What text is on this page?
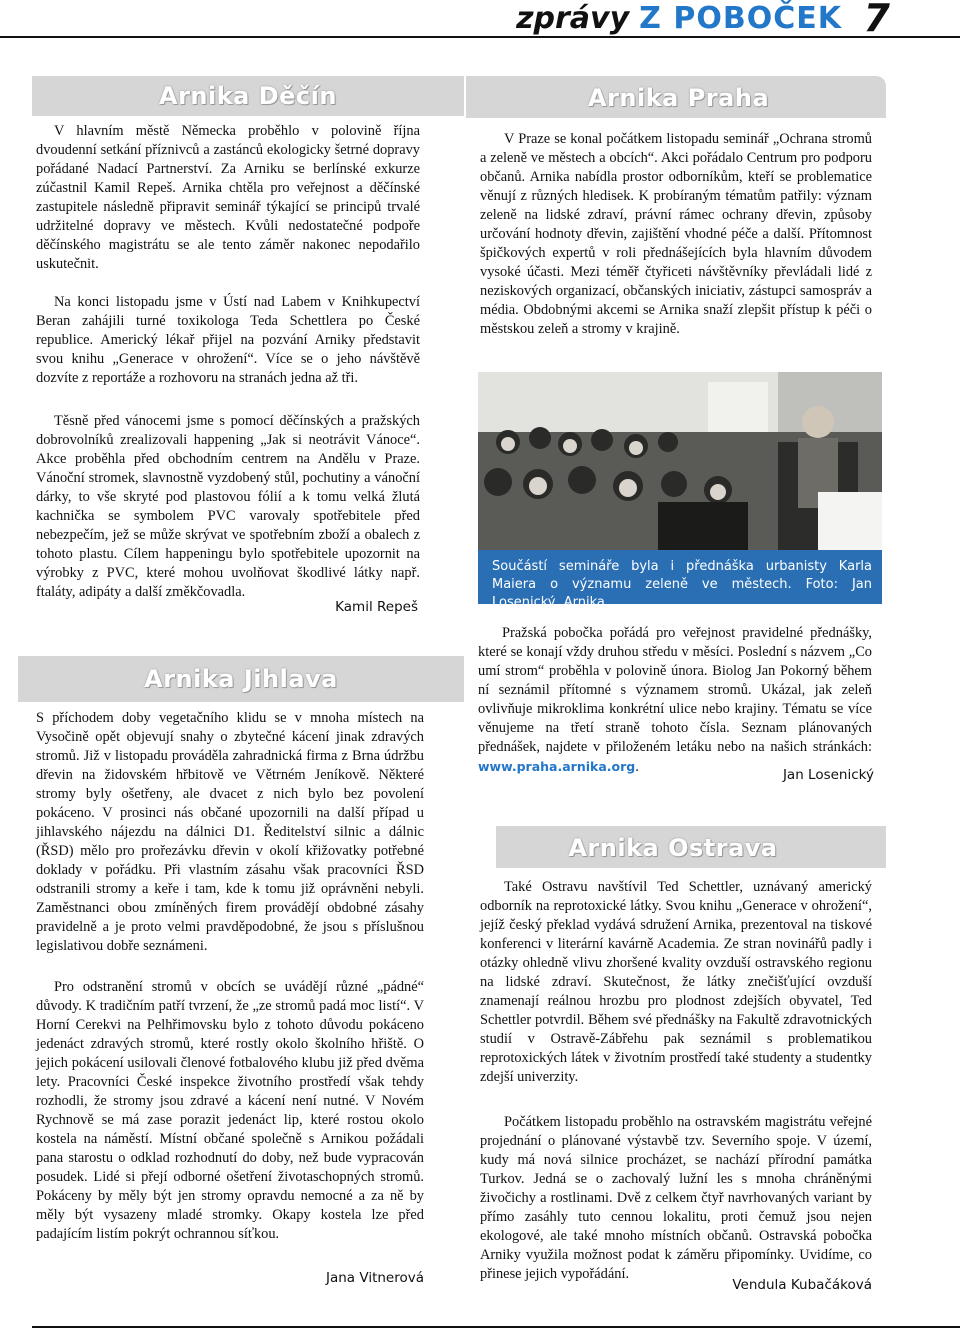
zprávy Z POBOČEK 7
Arnika Děčín

V hlavním městě Německa proběhlo v polovině října dvoudenní setkání příznivců a zastánců ekologicky šetrné dopravy pořádané Nadací Partnerství. Za Arniku se berlínské exkurze zúčastnil Kamil Repeš. Arnika chtěla pro veřejnost a děčínské zastupitele následně připravit seminář týkající se principů trvalé udržitelné dopravy ve městech. Kvůli nedostatečné podpoře děčínského magistrátu se ale tento záměr nakonec nepodařilo uskutečnit.

Na konci listopadu jsme v Ústí nad Labem v Knihkupectví Beran zahájili turné toxikologa Teda Schettlera po České republice. Americký lékař přijel na pozvání Arniky představit svou knihu „Generace v ohrožení“. Více se o jeho návštěvě dozvíte z reportáže a rozhovoru na stranách jedna až tři.

Těsně před vánocemi jsme s pomocí děčínských a pražských dobrovolníků zrealizovali happening „Jak si neotrávit Vánoce“. Akce proběhla před obchodním centrem na Andělu v Praze. Vánoční stromek, slavnostně vyzdobený stůl, pochutiny a vánoční dárky, to vše skryté pod plastovou fólií a k tomu velká žlutá kachnička se symbolem PVC varovaly spotřebitele před nebezpečím, jež se může skrývat ve spotřebním zboží a obalech z tohoto plastu. Cílem happeningu bylo spotřebitele upozornit na výrobky z PVC, které mohou uvolňovat škodlivé látky např. ftaláty, adipáty a další změkčovadla.

Kamil Repeš
Arnika Jihlava

S příchodem doby vegetačního klidu se v mnoha místech na Vysočině opět objevují snahy o zbytečné kácení jinak zdravých stromů. Již v listopadu prováděla zahradnická firma z Brna údržbu dřevin na židovském hřbitově ve Větrném Jeníkově. Některé stromy byly ošetřeny, ale dvacet z nich bylo bez povolení pokáceno. V prosinci nás občané upozornili na další případ u jihlavského nájezdu na dálnici D1. Ředitelství silnic a dálnic (ŘSD) mělo pro prořezávku dřevin v okolí křižovatky potřebné doklady v pořádku. Při vlastním zásahu však pracovníci ŘSD odstranili stromy a keře i tam, kde k tomu již oprávněni nebyli. Zaměstnanci obou zmíněných firem provádějí obdobné zásahy pravidelně a je proto velmi pravděpodobné, že jsou s příslušnou legislativou dobře seznámeni.

Pro odstranění stromů v obcích se uvádějí různé „pádné“ důvody. K tradičním patří tvrzení, že „ze stromů padá moc listí“. V Horní Cerekvi na Pelhřimovsku bylo z tohoto důvodu pokáceno jedenáct zdravých stromů, které rostly okolo školního hřiště. O jejich pokácení usilovali členové fotbalového klubu již před dvěma lety. Pracovníci České inspekce životního prostředí však tehdy rozhodli, že stromy jsou zdravé a kácení není nutné. V Novém Rychnově se má zase porazit jedenáct lip, které rostou okolo kostela na náměstí. Místní občané společně s Arnikou požádali pana starostu o odklad rozhodnutí do doby, než bude vypracován posudek. Lidé si přejí odborné ošetření životaschopných stromů. Pokáceny by měly být jen stromy opravdu nemocné a za ně by měly být vysazeny mladé stromky. Okapy kostela lze před padajícím listím pokrýt ochrannou síťkou.

Jana Vitnerová
Arnika Praha

V Praze se konal počátkem listopadu seminář „Ochrana stromů a zeleně ve městech a obcích“. Akci pořádalo Centrum pro podporu občanů. Arnika nabídla prostor odborníkům, kteří se problematice věnují z různých hledisek. K probíraným tématům patřily: význam zeleně na lidské zdraví, právní rámec ochrany dřevin, způsoby určování hodnoty dřevin, zajištění vhodné péče a další. Přítomnost špičkových expertů v roli přednášejících byla hlavním důvodem vysoké účasti. Mezi téměř čtyřiceti návštěvníky převládali lidé z neziskových organizací, občanských iniciativ, zástupci samospráv a média. Obdobnými akcemi se Arnika snaží zlepšit přístup k péči o městskou zeleň a stromy v krajině.

Součástí semináře byla i přednáška urbanisty Karla Maiera o významu zeleně ve městech. Foto: Jan Losenický, Arnika

Pražská pobočka pořádá pro veřejnost pravidelné přednášky, které se konají vždy druhou středu v měsíci. Poslední s názvem „Co umí strom“ proběhla v polovině února. Biolog Jan Pokorný během ní seznámil přítomné s významem stromů. Ukázal, jak zeleň ovlivňuje mikroklima konkrétní ulice nebo krajiny. Tématu se více věnujeme na třetí straně tohoto čísla. Seznam plánovaných přednášek, najdete v přiloženém letáku nebo na našich stránkách: www.praha.arnika.org.	Jan Losenický
Arnika Ostrava

Také Ostravu navštívil Ted Schettler, uznávaný americký odborník na reprotoxické látky. Svou knihu „Generace v ohrožení“, jejíž český překlad vydává sdružení Arnika, prezentoval na tiskové konferenci v literární kavárně Academia. Ze stran novinářů padly i otázky ohledně vlivu zhoršené kvality ovzduší ostravského regionu na lidské zdraví. Skutečnost, že látky znečišťující ovzduší znamenají reálnou hrozbu pro plodnost zdejších obyvatel, Ted Schettler potvrdil. Během své přednášky na Fakultě zdravotnických studií v Ostravě-Zábřehu pak seznámil s problematikou reprotoxických látek v životním prostředí také studenty a studentky zdejší univerzity.

Počátkem listopadu proběhlo na ostravském magistrátu veřejné projednání o plánované výstavbě tzv. Severního spoje. V území, kudy má nová silnice procházet, se nachází přírodní památka Turkov. Jedná se o zachovalý lužní les s mnoha chráněnými živočichy a rostlinami. Dvě z celkem čtyř navrhovaných variant by přímo zasáhly tuto cennou lokalitu, proti čemuž jsou nejen ekologové, ale také mnoho místních občanů. Ostravská pobočka Arniky využila možnost podat k záměru připomínky. Uvidíme, co přinese jejich vypořádání.

Vendula Kubačáková
